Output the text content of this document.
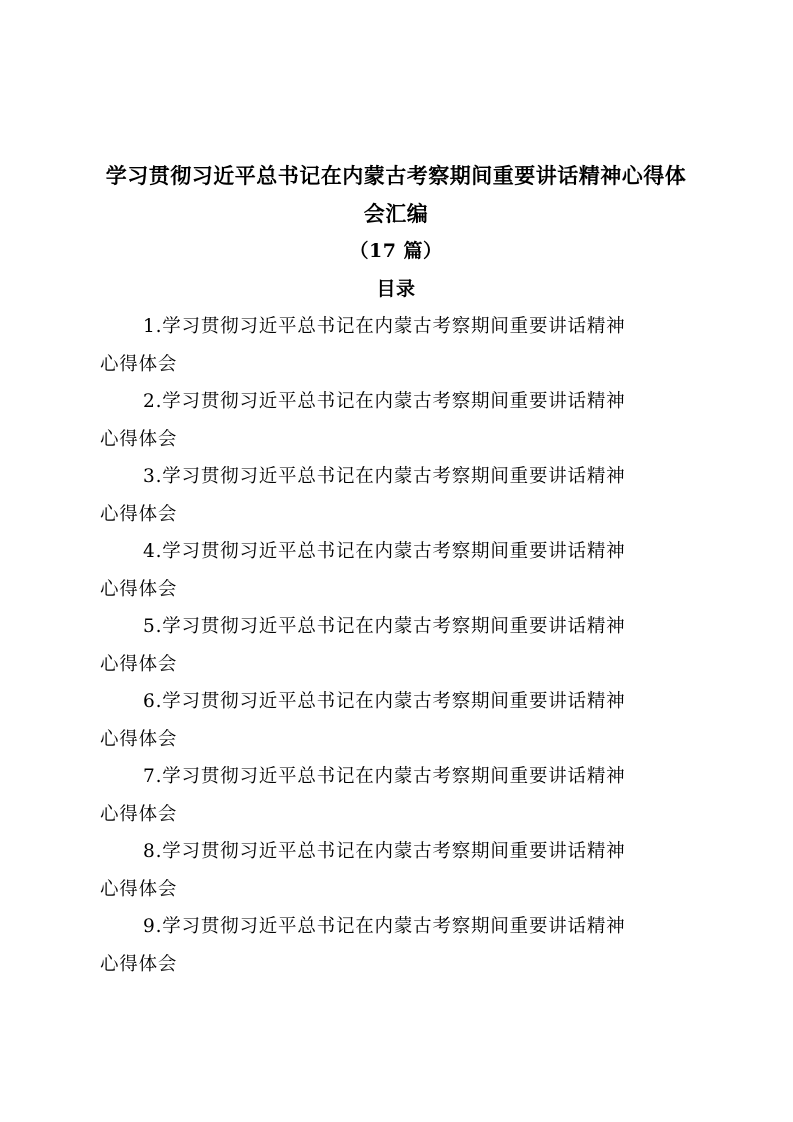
学习贯彻习近平总书记在内蒙古考察期间重要讲话精神心得体
会汇编
（17 篇）
目录
1.学习贯彻习近平总书记在内蒙古考察期间重要讲话精神
心得体会
2.学习贯彻习近平总书记在内蒙古考察期间重要讲话精神
心得体会
3.学习贯彻习近平总书记在内蒙古考察期间重要讲话精神
心得体会
4.学习贯彻习近平总书记在内蒙古考察期间重要讲话精神
心得体会
5.学习贯彻习近平总书记在内蒙古考察期间重要讲话精神
心得体会
6.学习贯彻习近平总书记在内蒙古考察期间重要讲话精神
心得体会
7.学习贯彻习近平总书记在内蒙古考察期间重要讲话精神
心得体会
8.学习贯彻习近平总书记在内蒙古考察期间重要讲话精神
心得体会
9.学习贯彻习近平总书记在内蒙古考察期间重要讲话精神
心得体会
